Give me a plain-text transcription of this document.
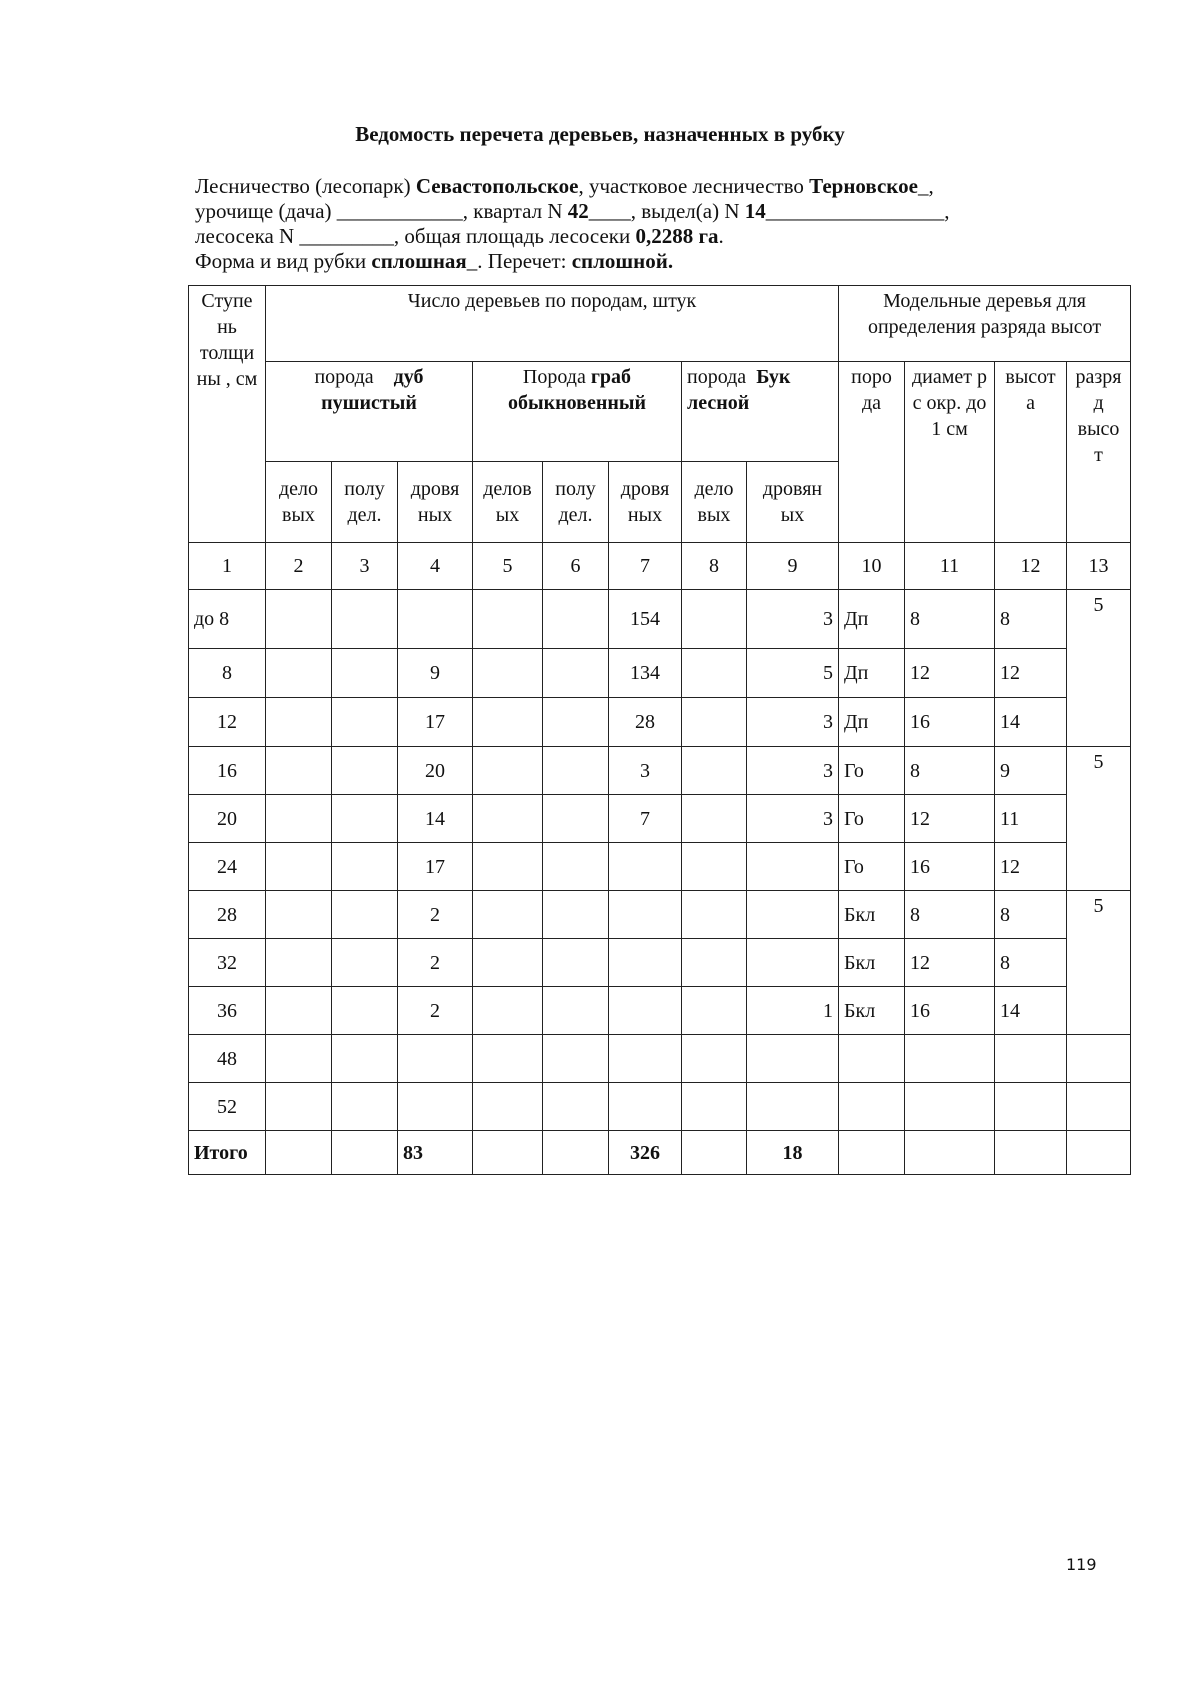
Ведомость перечета деревьев, назначенных в рубку
Лесничество (лесопарк) Севастопольское, участковое лесничество Терновское_,
урочище (дача) ____________, квартал N 42____, выдел(а) N 14_________________,
лесосека N _________, общая площадь лесосеки 0,2288 га.
Форма и вид рубки сплошная_. Перечет: сплошной.
Ступе нь толщи ны , см	Число деревьев по породам, штук								Модельные деревья для определения разряда высот			
	порода дуб пушистый			Порода граб обыкновенный			порода  Бук лесной		поро да	диамет р с окр. до 1 см	высот а	разря д высо т
	дело вых	полу дел.	дровя ных	делов ых	полу дел.	дровя ных	дело вых	дровян ых				
1	2	3	4	5	6	7	8	9	10	11	12	13
до 8						154		3	Дп	8	8	5
8			9			134		5	Дп	12	12	
12			17			28		3	Дп	16	14	
16			20			3		3	Го	8	9	5
20			14			7		3	Го	12	11	
24			17						Го	16	12	
28			2						Бкл	8	8	5
32			2						Бкл	12	8	
36			2					1	Бкл	16	14	
48												
52												
Итого			83			326		18				
119
